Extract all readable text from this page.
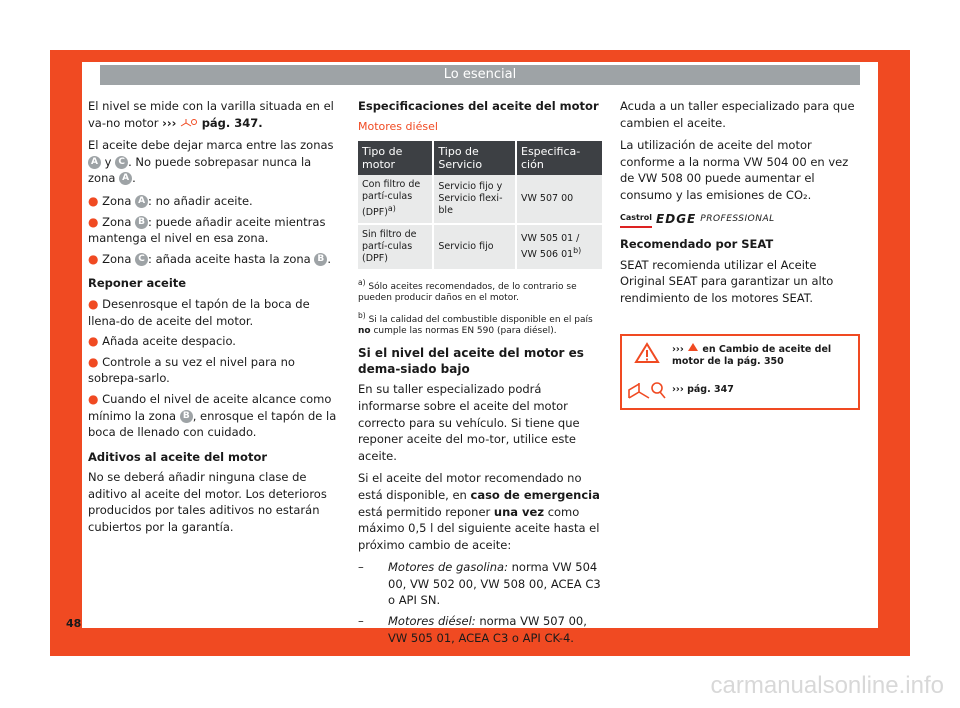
Lo esencial

El nivel se mide con la varilla situada en el va-no motor ››› pág. 347.

El aceite debe dejar marca entre las zonas A y C . No puede sobrepasar nunca la zona A .

● Zona A : no añadir aceite.

● Zona B : puede añadir aceite mientras mantenga el nivel en esa zona.

● Zona C : añada aceite hasta la zona B .

Reponer aceite

● Desenrosque el tapón de la boca de llena-do de aceite del motor.

● Añada aceite despacio.

● Controle a su vez el nivel para no sobrepa-sarlo.

● Cuando el nivel de aceite alcance como mínimo la zona B , enrosque el tapón de la boca de llenado con cuidado.

Aditivos al aceite del motor

No se deberá añadir ninguna clase de aditivo al aceite del motor. Los deterioros producidos por tales aditivos no estarán cubiertos por la garantía.

Especificaciones del aceite del motor
Motores diésel
Tipo de motor	Tipo de Servicio	Especifica-ción
Con filtro de partí-culas (DPF)$^{a)}$	Servicio fijo y Servicio flexi-ble	VW 507 00
Sin filtro de partí-culas (DPF)	Servicio fijo	VW 505 01 / VW 506 01$^{b)}$

$^{a)}$ Sólo aceites recomendados, de lo contrario se pueden producir daños en el motor.

$^{b)}$ Si la calidad del combustible disponible en el país no cumple las normas EN 590 (para diésel).

Si el nivel del aceite del motor es dema-siado bajo

En su taller especializado podrá informarse sobre el aceite del motor correcto para su vehículo. Si tiene que reponer aceite del mo-tor, utilice este aceite.

Si el aceite del motor recomendado no está disponible, en caso de emergencia está permitido reponer una vez como máximo 0,5 l del siguiente aceite hasta el próximo cambio de aceite:

–	Motores de gasolina: norma VW 504 00, VW 502 00, VW 508 00, ACEA C3 o API SN.
–	Motores diésel: norma VW 507 00, VW 505 01, ACEA C3 o API CK-4.

Acuda a un taller especializado para que cambien el aceite.

La utilización de aceite del motor conforme a la norma VW 504 00 en vez de VW 508 00 puede aumentar el consumo y las emisiones de CO₂.

Castrol EDGE PROFESSIONAL
Recomendado por SEAT

SEAT recomienda utilizar el Aceite Original SEAT para garantizar un alto rendimiento de los motores SEAT.

››› en Cambio de aceite del motor de la pág. 350
››› pág. 347
48
carmanualsonline.info
